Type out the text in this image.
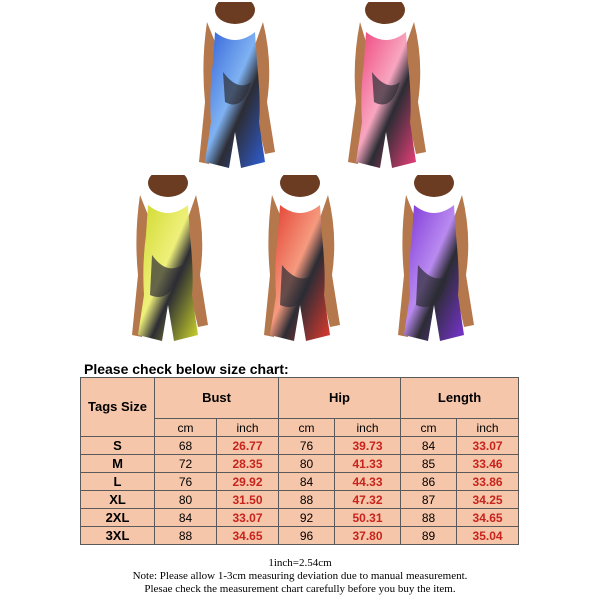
Please check below size chart:
Tags Size	Bust		Hip		Length	
	cm	inch	cm	inch	cm	inch
S	68	26.77	76	39.73	84	33.07
M	72	28.35	80	41.33	85	33.46
L	76	29.92	84	44.33	86	33.86
XL	80	31.50	88	47.32	87	34.25
2XL	84	33.07	92	50.31	88	34.65
3XL	88	34.65	96	37.80	89	35.04
1inch=2.54cm
Note: Please allow 1-3cm measuring deviation due to manual measurement.
Plesae check the measurement chart carefully before you buy the item.
